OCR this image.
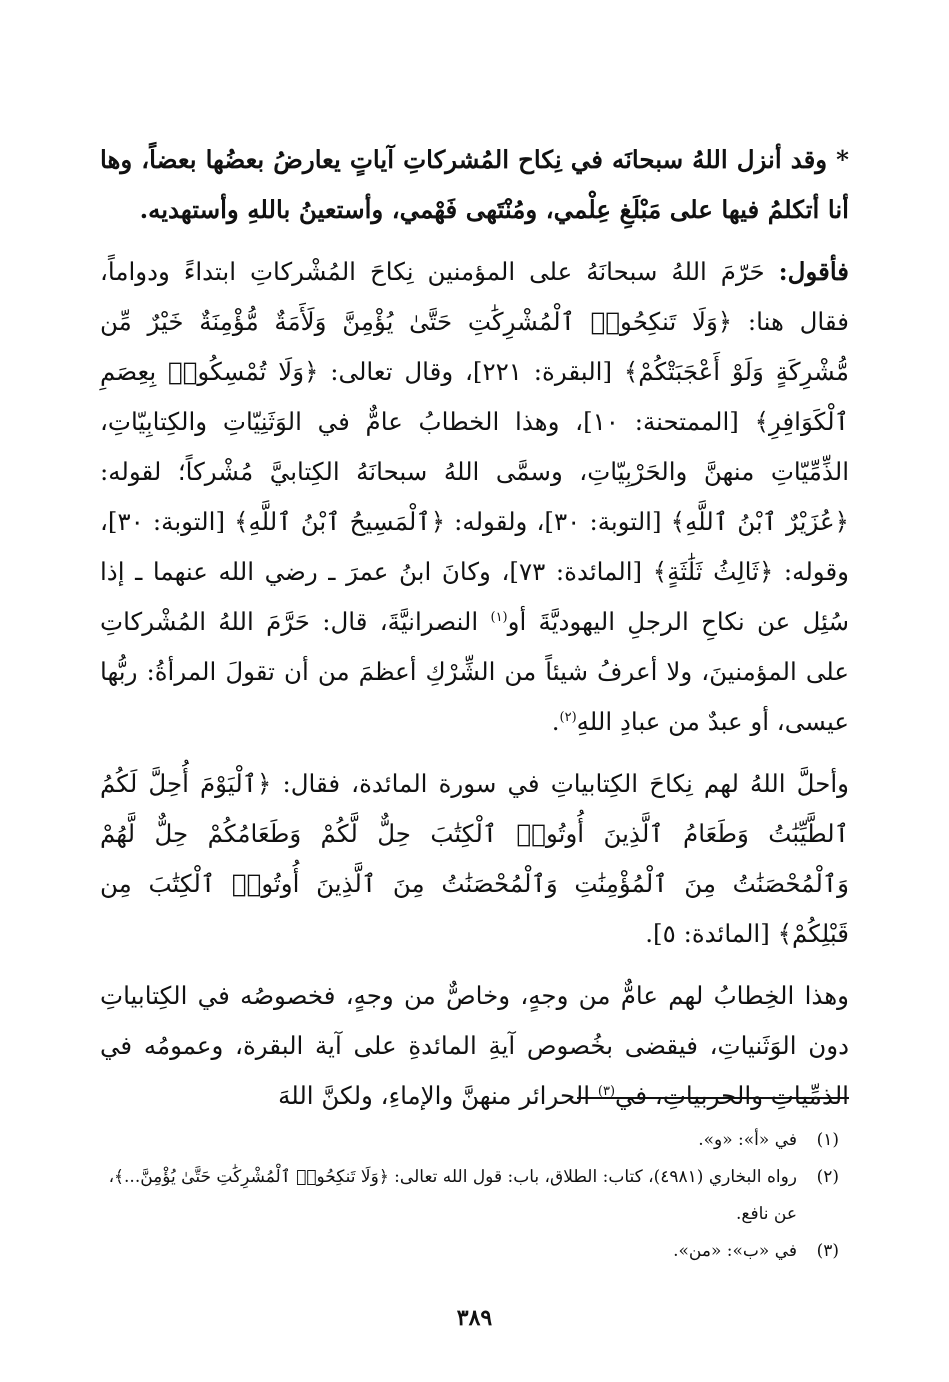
* وقد أنزل اللهُ سبحانَه في نِكاح المُشركاتِ آياتٍ يعارضُ بعضُها بعضاً، وها أنا أتكلمُ فيها على مَبْلَغِ عِلْمي، ومُنْتَهى فَهْمي، وأستعينُ باللهِ وأستهديه.

فأقول: حَرّمَ اللهُ سبحانَهُ على المؤمنين نِكاحَ المُشْركاتِ ابتداءً ودواماً، فقال هنا: ﴿وَلَا تَنكِحُوا۟ ٱلْمُشْرِكَٰتِ حَتَّىٰ يُؤْمِنَّ وَلَأَمَةٌ مُّؤْمِنَةٌ خَيْرٌ مِّن مُّشْرِكَةٍ وَلَوْ أَعْجَبَتْكُمْ﴾ [البقرة: ٢٢١]، وقال تعالى: ﴿وَلَا تُمْسِكُوا۟ بِعِصَمِ ٱلْكَوَافِرِ﴾ [الممتحنة: ١٠]، وهذا الخطابُ عامٌّ في الوَثَنِيّاتِ والكِتابِيّاتِ، الذِّمِّيّاتِ منهنَّ والحَرْبِيّاتِ، وسمَّى اللهُ سبحانَهُ الكِتابيَّ مُشْركاً؛ لقوله: ﴿عُزَيْرٌ ٱبْنُ ٱللَّهِ﴾ [التوبة: ٣٠]، ولقوله: ﴿ٱلْمَسِيحُ ٱبْنُ ٱللَّهِ﴾ [التوبة: ٣٠]، وقوله: ﴿ثَالِثُ ثَلَٰثَةٍ﴾ [المائدة: ٧٣]، وكانَ ابنُ عمرَ ـ رضي الله عنهما ـ إذا سُئِل عن نكاحِ الرجلِ اليهوديَّةَ أو$^{(١)}$ النصرانيَّةَ، قال: حَرَّمَ اللهُ المُشْركاتِ على المؤمنينَ، ولا أعرفُ شيئاً من الشِّرْكِ أعظمَ من أن تقولَ المرأةُ: ربُّها عيسى، أو عبدٌ من عبادِ اللهِ$^{(٢)}$.

وأحلَّ اللهُ لهم نِكاحَ الكِتابياتِ في سورة المائدة، فقال: ﴿ٱلْيَوْمَ أُحِلَّ لَكُمُ ٱلطَّيِّبَٰتُ وَطَعَامُ ٱلَّذِينَ أُوتُوا۟ ٱلْكِتَٰبَ حِلٌّ لَّكُمْ وَطَعَامُكُمْ حِلٌّ لَّهُمْ وَٱلْمُحْصَنَٰتُ مِنَ ٱلْمُؤْمِنَٰتِ وَٱلْمُحْصَنَٰتُ مِنَ ٱلَّذِينَ أُوتُوا۟ ٱلْكِتَٰبَ مِن قَبْلِكُمْ﴾ [المائدة: ٥].

وهذا الخِطابُ لهم عامٌّ من وجهٍ، وخاصٌّ من وجهٍ، فخصوصُه في الكِتابياتِ دون الوَثَنياتِ، فيقضى بخُصوص آيةِ المائدةِ على آية البقرة، وعمومُه في الذمِّياتِ والحربياتِ، في$^{(٣)}$ الحرائر منهنَّ والإماءِ، ولكنَّ اللهَ

(١)
في «أ»: «و».
(٢)
رواه البخاري (٤٩٨١)، كتاب: الطلاق، باب: قول الله تعالى: ﴿وَلَا تَنكِحُوا۟ ٱلْمُشْرِكَٰتِ حَتَّىٰ يُؤْمِنَّ...﴾، عن نافع.
(٣)
في «ب»: «من».
٣٨٩
